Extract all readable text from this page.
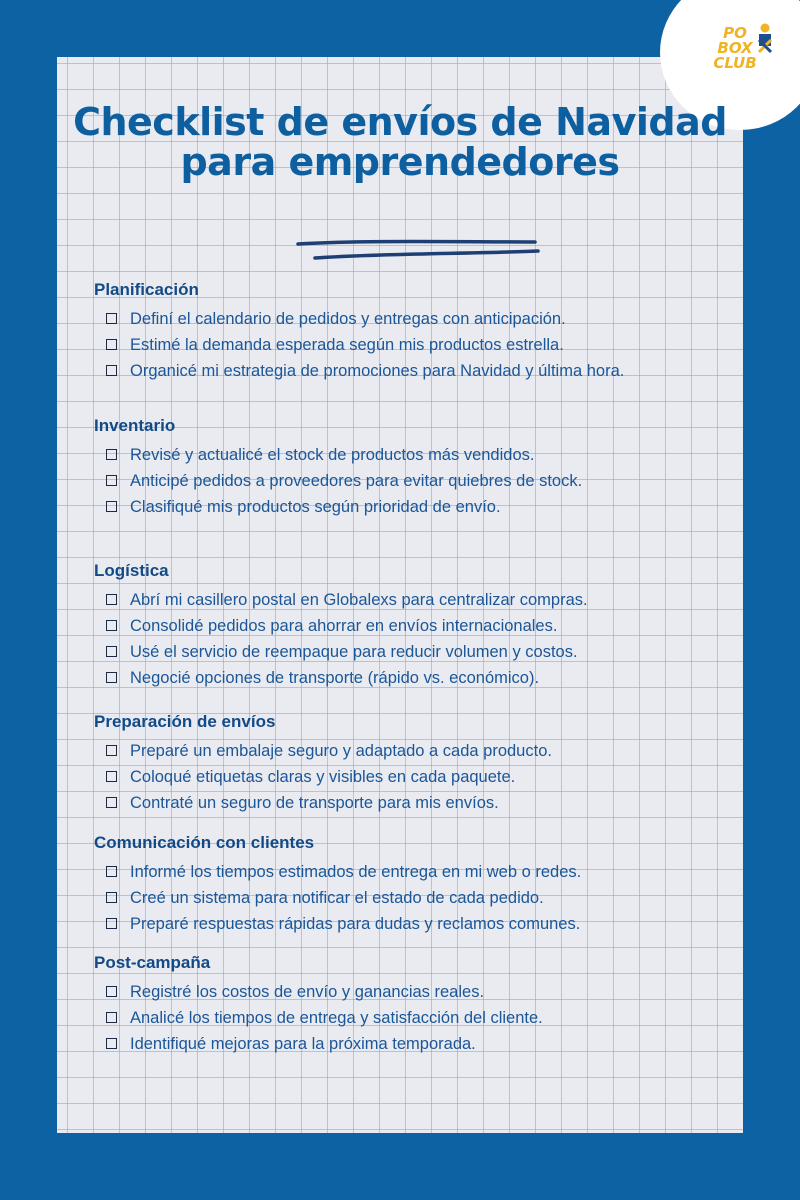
PO
BOX
CLUB
Checklist de envíos de Navidad para emprendedores
Planificación
Definí el calendario de pedidos y entregas con anticipación.
Estimé la demanda esperada según mis productos estrella.
Organicé mi estrategia de promociones para Navidad y última hora.
Inventario
Revisé y actualicé el stock de productos más vendidos.
Anticipé pedidos a proveedores para evitar quiebres de stock.
Clasifiqué mis productos según prioridad de envío.
Logística
Abrí mi casillero postal en Globalexs para centralizar compras.
Consolidé pedidos para ahorrar en envíos internacionales.
Usé el servicio de reempaque para reducir volumen y costos.
Negocié opciones de transporte (rápido vs. económico).
Preparación de envíos
Preparé un embalaje seguro y adaptado a cada producto.
Coloqué etiquetas claras y visibles en cada paquete.
Contraté un seguro de transporte para mis envíos.
Comunicación con clientes
Informé los tiempos estimados de entrega en mi web o redes.
Creé un sistema para notificar el estado de cada pedido.
Preparé respuestas rápidas para dudas y reclamos comunes.
Post-campaña
Registré los costos de envío y ganancias reales.
Analicé los tiempos de entrega y satisfacción del cliente.
Identifiqué mejoras para la próxima temporada.
